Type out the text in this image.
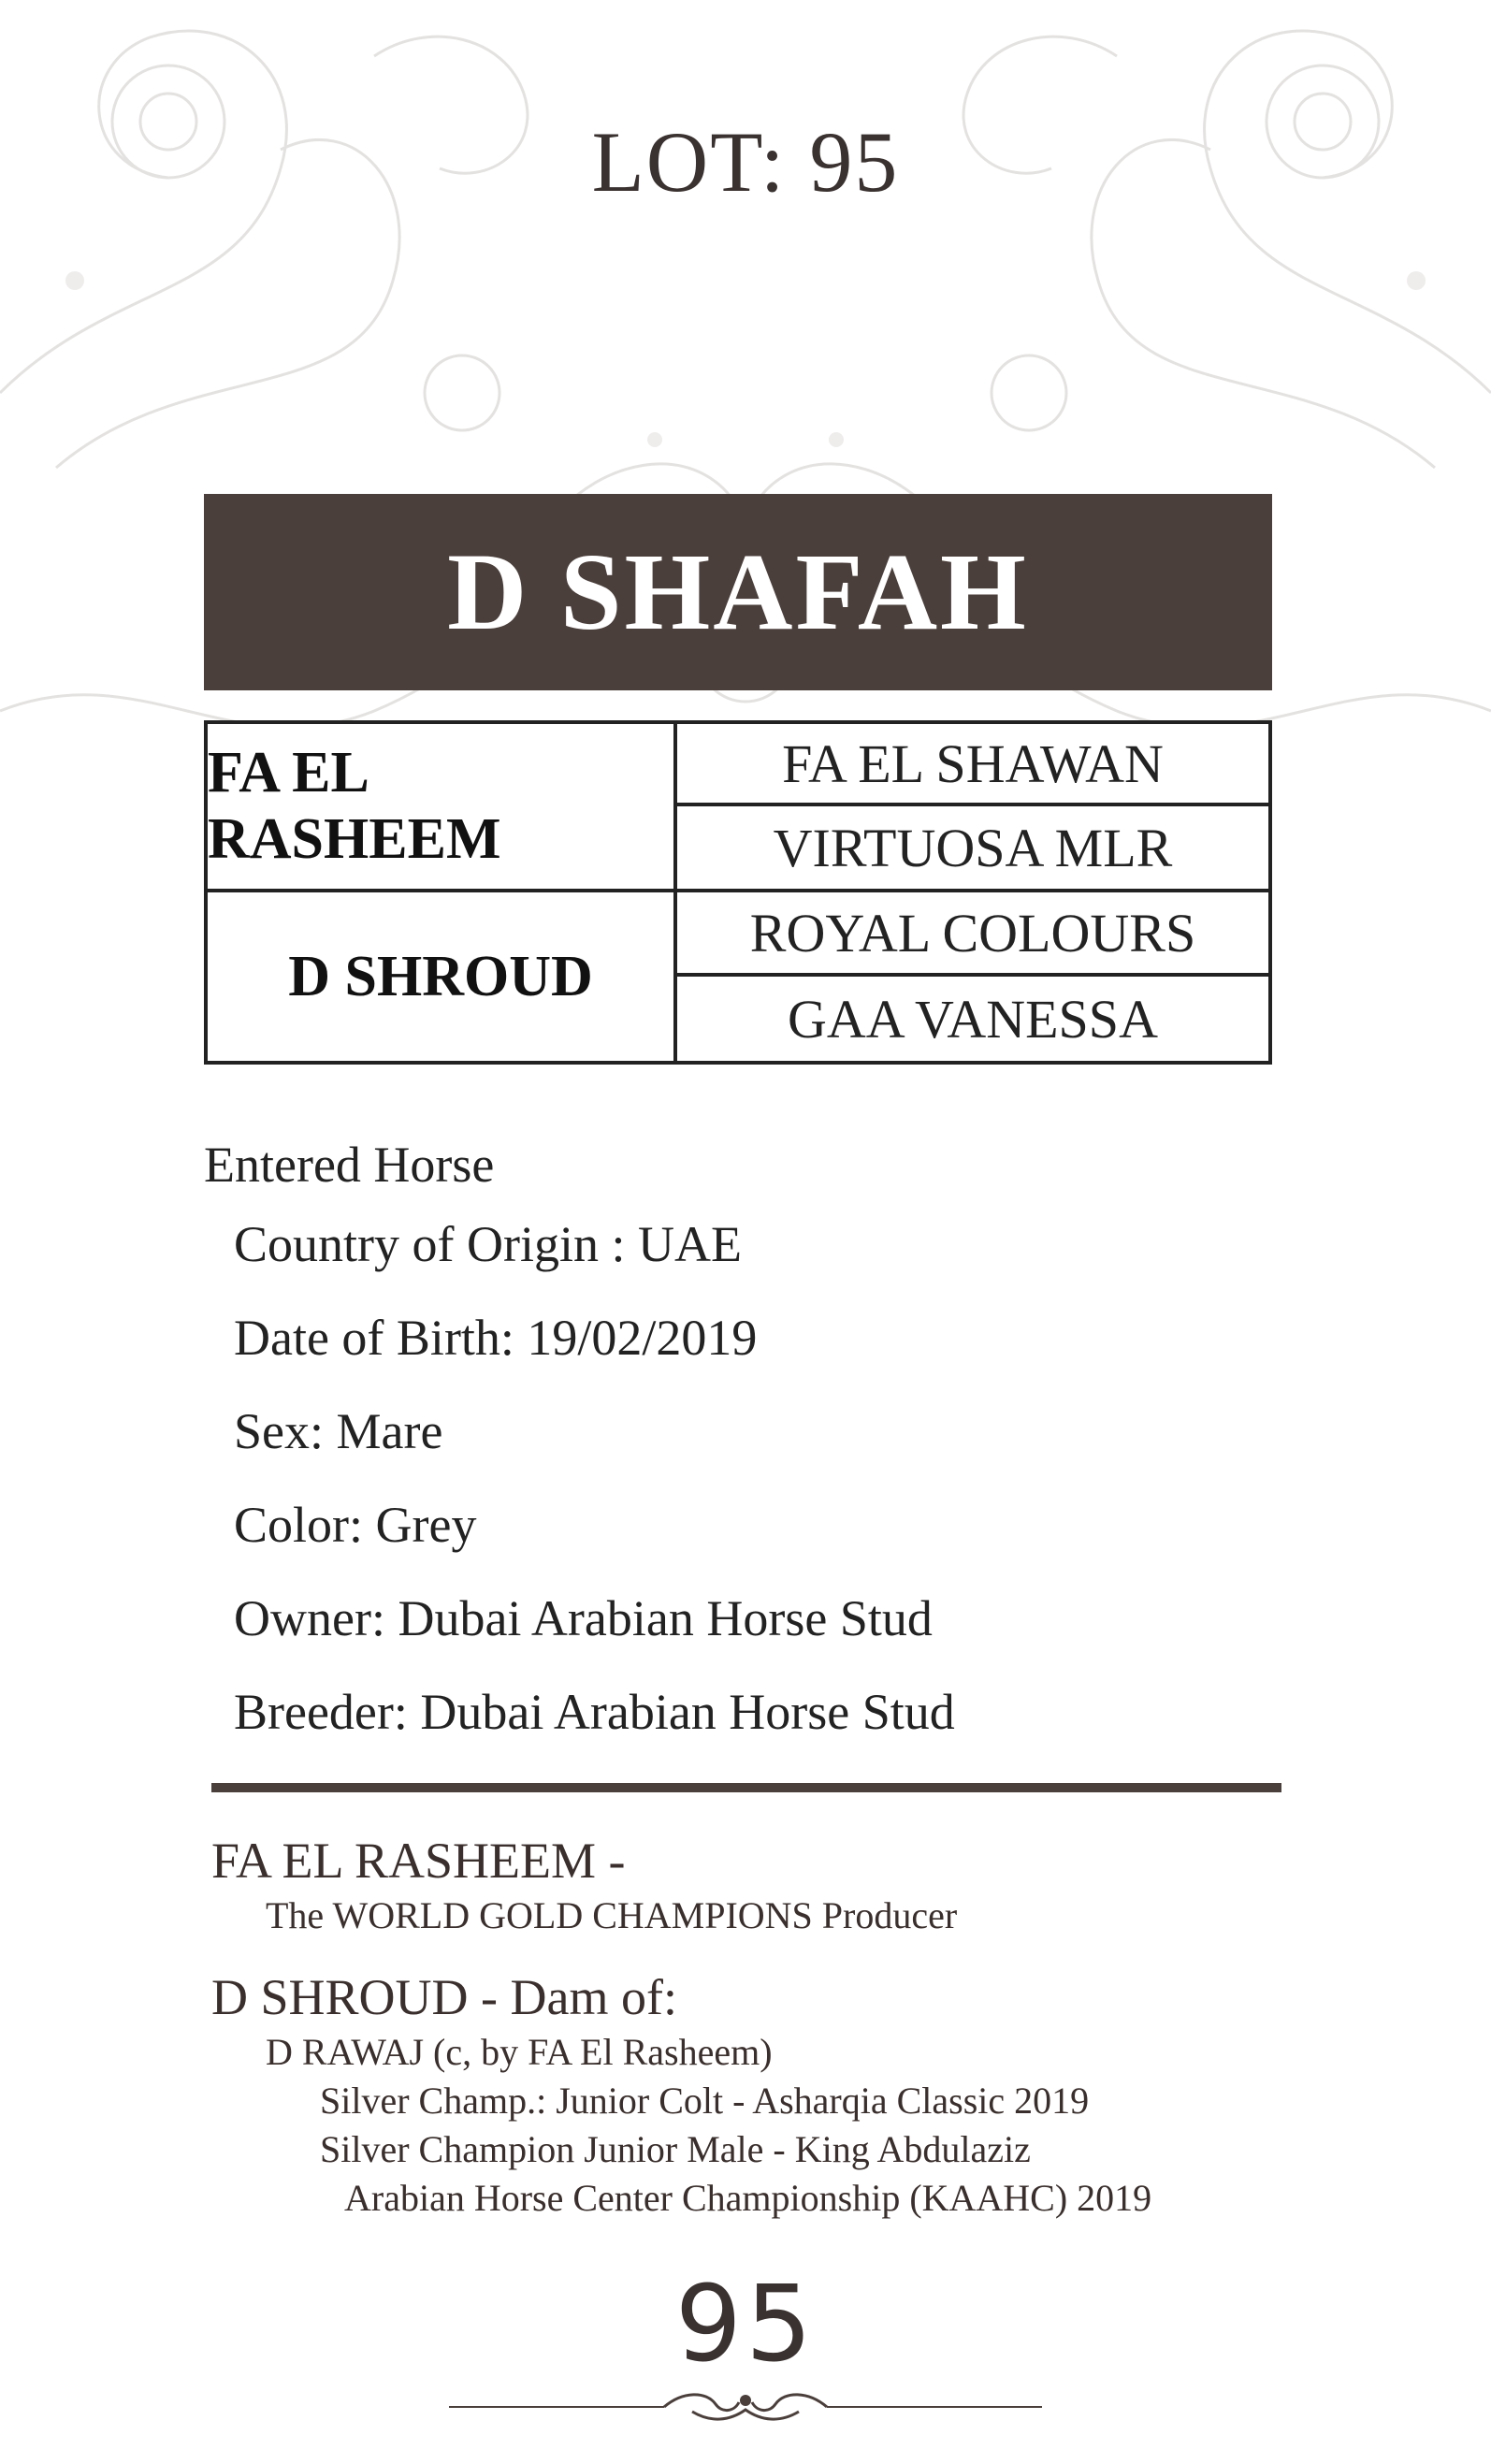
LOT: 95
D SHAFAH
FA EL RASHEEM
FA EL SHAWAN
VIRTUOSA MLR
D SHROUD
ROYAL COLOURS
GAA VANESSA
Entered Horse
Country of Origin : UAE
Date of Birth: 19/02/2019
Sex: Mare
Color: Grey
Owner: Dubai Arabian Horse Stud
Breeder: Dubai Arabian Horse Stud
FA EL RASHEEM -
The WORLD GOLD CHAMPIONS Producer
D SHROUD - Dam of:
D RAWAJ (c, by FA El Rasheem)
Silver Champ.: Junior Colt - Asharqia Classic 2019
Silver Champion Junior Male - King Abdulaziz
Arabian Horse Center Championship (KAAHC) 2019
95
